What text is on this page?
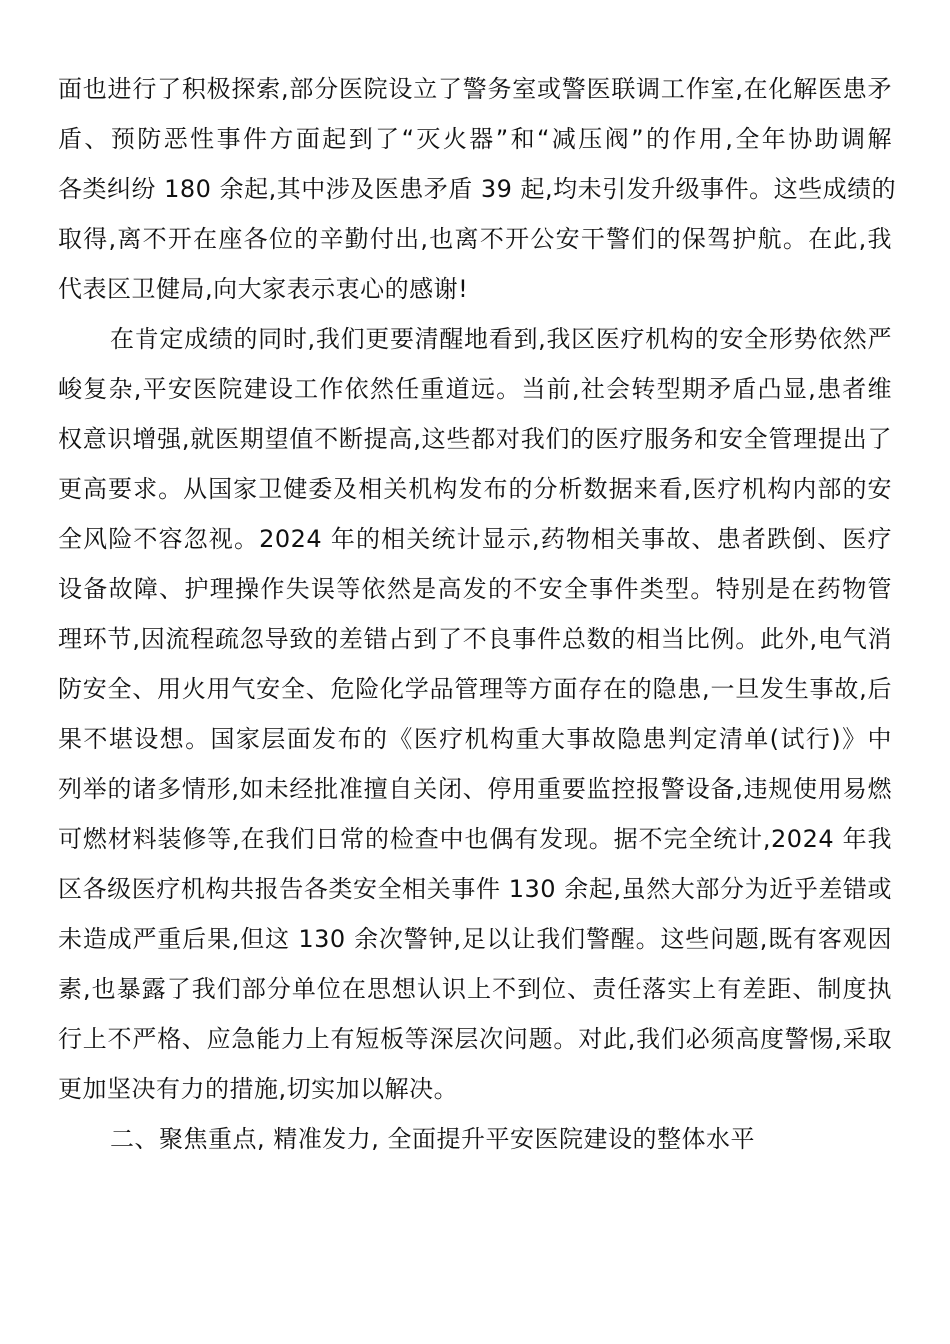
面也进行了积极探索,部分医院设立了警务室或警医联调工作室,在化解医患矛
盾、预防恶性事件方面起到了“灭火器”和“减压阀”的作用,全年协助调解
各类纠纷 180 余起,其中涉及医患矛盾 39 起,均未引发升级事件。这些成绩的
取得,离不开在座各位的辛勤付出,也离不开公安干警们的保驾护航。在此,我
代表区卫健局,向大家表示衷心的感谢!
在肯定成绩的同时,我们更要清醒地看到,我区医疗机构的安全形势依然严
峻复杂,平安医院建设工作依然任重道远。当前,社会转型期矛盾凸显,患者维
权意识增强,就医期望值不断提高,这些都对我们的医疗服务和安全管理提出了
更高要求。从国家卫健委及相关机构发布的分析数据来看,医疗机构内部的安
全风险不容忽视。2024 年的相关统计显示,药物相关事故、患者跌倒、医疗
设备故障、护理操作失误等依然是高发的不安全事件类型。特别是在药物管
理环节,因流程疏忽导致的差错占到了不良事件总数的相当比例。此外,电气消
防安全、用火用气安全、危险化学品管理等方面存在的隐患,一旦发生事故,后
果不堪设想。国家层面发布的《医疗机构重大事故隐患判定清单(试行)》中
列举的诸多情形,如未经批准擅自关闭、停用重要监控报警设备,违规使用易燃
可燃材料装修等,在我们日常的检查中也偶有发现。据不完全统计,2024 年我
区各级医疗机构共报告各类安全相关事件 130 余起,虽然大部分为近乎差错或
未造成严重后果,但这 130 余次警钟,足以让我们警醒。这些问题,既有客观因
素,也暴露了我们部分单位在思想认识上不到位、责任落实上有差距、制度执
行上不严格、应急能力上有短板等深层次问题。对此,我们必须高度警惕,采取
更加坚决有力的措施,切实加以解决。
二、聚焦重点, 精准发力, 全面提升平安医院建设的整体水平
